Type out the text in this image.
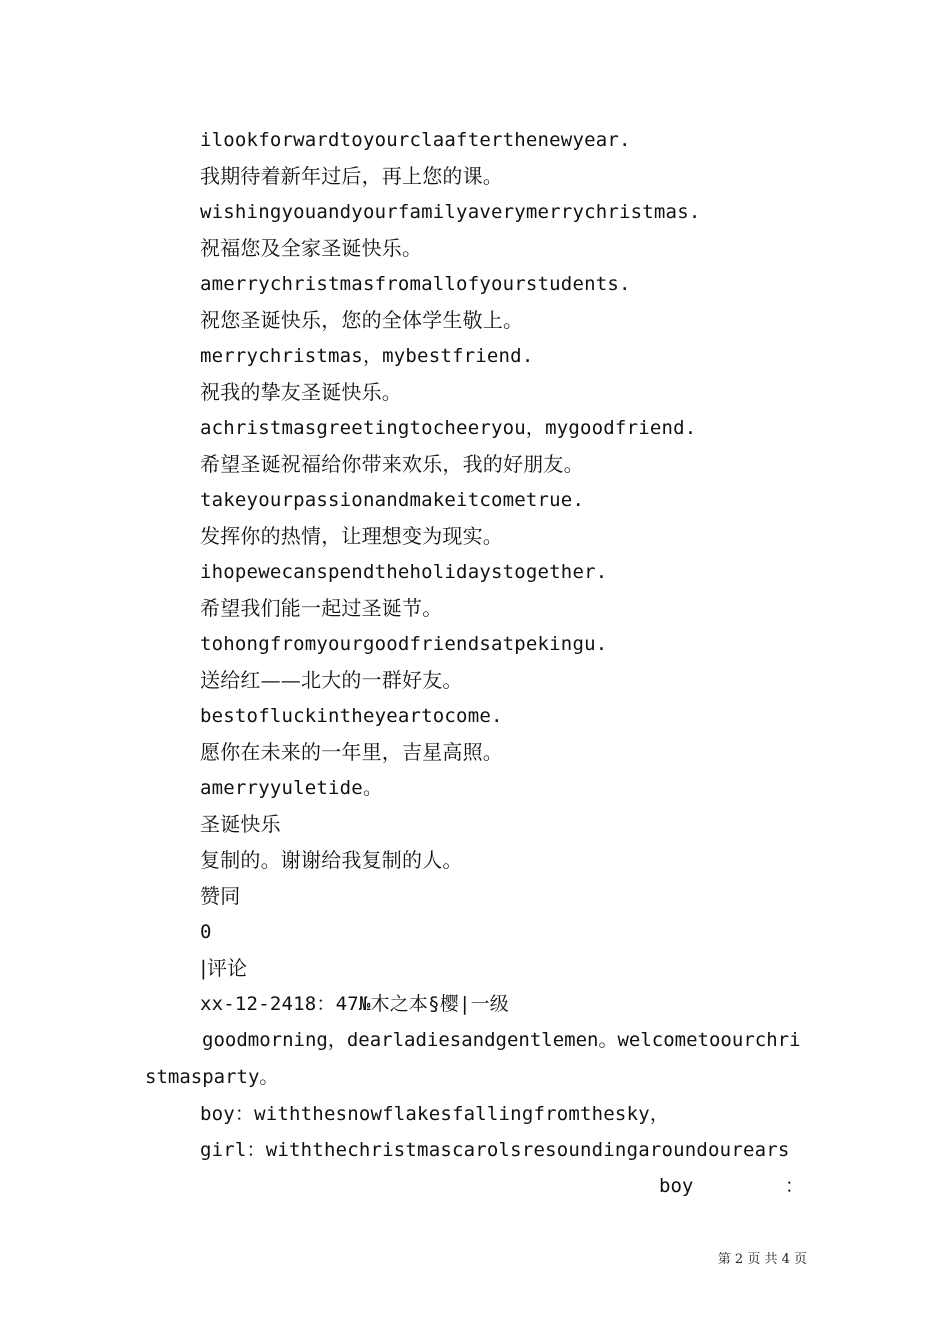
ilookforwardtoyourclaafterthenewyear.
我期待着新年过后，再上您的课。
wishingyouandyourfamilyaverymerrychristmas.
祝福您及全家圣诞快乐。
amerrychristmasfromallofyourstudents.
祝您圣诞快乐，您的全体学生敬上。
merrychristmas，mybestfriend.
祝我的挚友圣诞快乐。
achristmasgreetingtocheeryou，mygoodfriend.
希望圣诞祝福给你带来欢乐，我的好朋友。
takeyourpassionandmakeitcometrue.
发挥你的热情，让理想变为现实。
ihopewecanspendtheholidaystogether.
希望我们能一起过圣诞节。
tohongfromyourgoodfriendsatpekingu.
送给红——北大的一群好友。
bestofluckintheyeartocome.
愿你在未来的一年里，吉星高照。
amerryyuletide。
圣诞快乐
复制的。谢谢给我复制的人。
赞同
0
|评论
xx-12-2418：47№木之本§樱|一级
goodmorning，dearladiesandgentlemen。welcometoourchristmasparty。
boy：withthesnowflakesfallingfromthesky，
girl：withthechristmascarolsresoundingaroundourears
boy	：
第 2 页 共 4 页
